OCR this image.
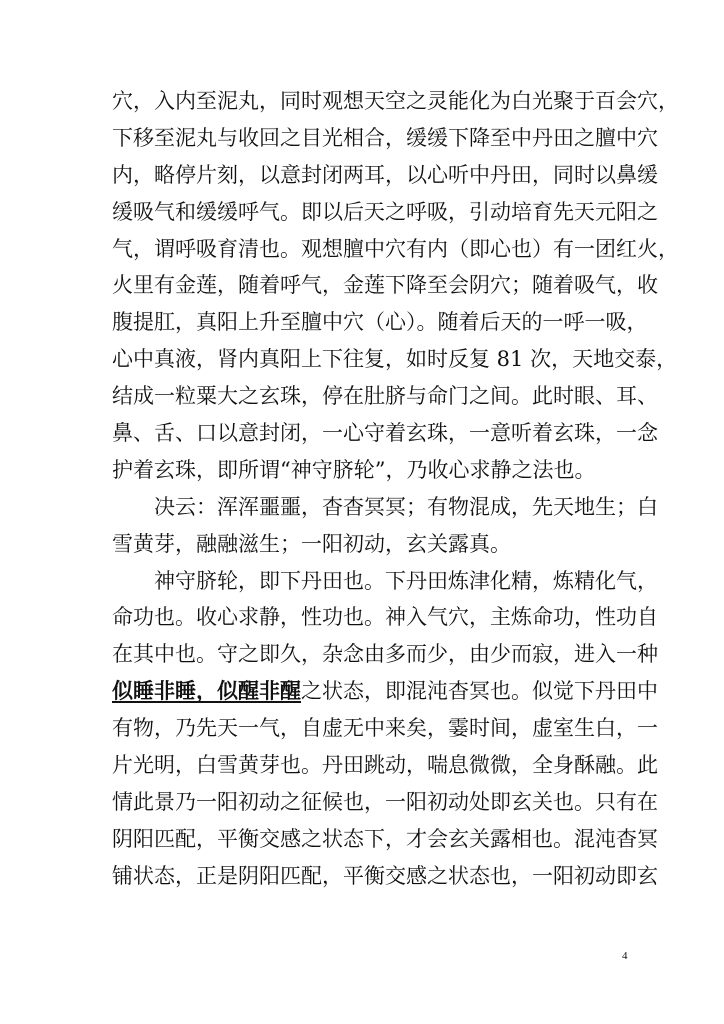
穴，入内至泥丸，同时观想天空之灵能化为白光聚于百会穴，
下移至泥丸与收回之目光相合，缓缓下降至中丹田之膻中穴
内，略停片刻，以意封闭两耳，以心听中丹田，同时以鼻缓
缓吸气和缓缓呼气。即以后天之呼吸，引动培育先天元阳之
气，谓呼吸育清也。观想膻中穴有内（即心也）有一团红火，
火里有金莲，随着呼气，金莲下降至会阴穴；随着吸气，收
腹提肛，真阳上升至膻中穴（心）。随着后天的一呼一吸，
心中真液，肾内真阳上下往复，如时反复 81 次，天地交泰，
结成一粒粟大之玄珠，停在肚脐与命门之间。此时眼、耳、
鼻、舌、口以意封闭，一心守着玄珠，一意听着玄珠，一念
护着玄珠，即所谓“神守脐轮”，乃收心求静之法也。
　　决云：浑浑噩噩，杳杳冥冥；有物混成，先天地生；白
雪黄芽，融融滋生；一阳初动，玄关露真。
　　神守脐轮，即下丹田也。下丹田炼津化精，炼精化气，
命功也。收心求静，性功也。神入气穴，主炼命功，性功自
在其中也。守之即久，杂念由多而少，由少而寂，进入一种
似睡非睡，似醒非醒之状态，即混沌杳冥也。似觉下丹田中
有物，乃先天一气，自虚无中来矣，霎时间，虚室生白，一
片光明，白雪黄芽也。丹田跳动，喘息微微，全身酥融。此
情此景乃一阳初动之征候也，一阳初动处即玄关也。只有在
阴阳匹配，平衡交感之状态下，才会玄关露相也。混沌杳冥
铺状态，正是阴阳匹配，平衡交感之状态也，一阳初动即玄
4
